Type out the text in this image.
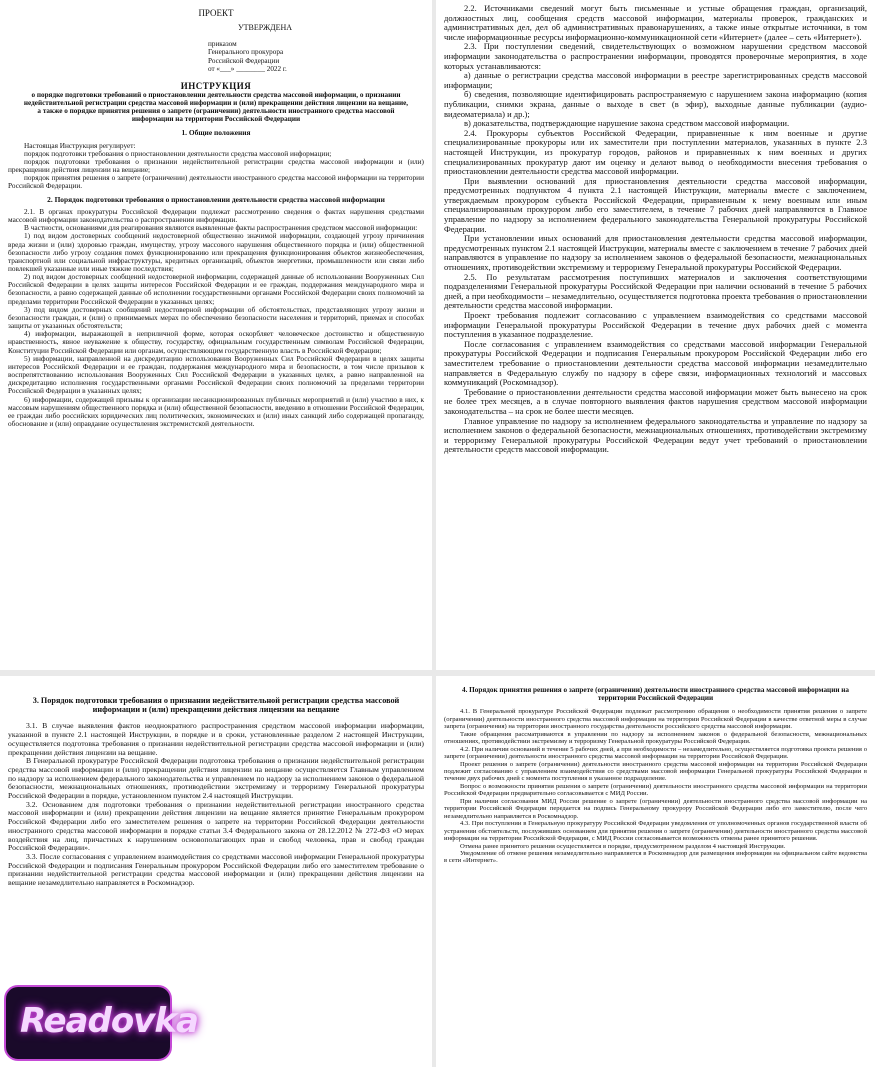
ПРОЕКТ
УТВЕРЖДЕНА
приказом
Генерального прокурора
Российской Федерации
от «___» ________ 2022 г.
ИНСТРУКЦИЯ
о порядке подготовки требований о приостановлении деятельности средства массовой информации, о признании недействительной регистрации средства массовой информации и (или) прекращении действия лицензии на вещание, а также о порядке принятия решения о запрете (ограничении) деятельности иностранного средства массовой информации на территории Российской Федерации
1. Общие положения

Настоящая Инструкция регулирует:

порядок подготовки требования о приостановлении деятельности средства массовой информации;

порядок подготовки требования о признании недействительной регистрации средства массовой информации и (или) прекращении действия лицензии на вещание;

порядок принятия решения о запрете (ограничении) деятельности иностранного средства массовой информации на территории Российской Федерации.

2. Порядок подготовки требования о приостановлении деятельности средства массовой информации

2.1. В органах прокуратуры Российской Федерации подлежат рассмотрению сведения о фактах нарушения средствами массовой информации законодательства о распространении информации.

В частности, основаниями для реагирования являются выявленные факты распространения средством массовой информации:

1) под видом достоверных сообщений недостоверной общественно значимой информации, создающей угрозу причинения вреда жизни и (или) здоровью граждан, имуществу, угрозу массового нарушения общественного порядка и (или) общественной безопасности либо угрозу создания помех функционированию или прекращения функционирования объектов жизнеобеспечения, транспортной или социальной инфраструктуры, кредитных организаций, объектов энергетики, промышленности или связи либо повлекшей указанные или иные тяжкие последствия;

2) под видом достоверных сообщений недостоверной информации, содержащей данные об использовании Вооруженных Сил Российской Федерации в целях защиты интересов Российской Федерации и ее граждан, поддержания международного мира и безопасности, а равно содержащей данные об исполнении государственными органами Российской Федерации своих полномочий за пределами территории Российской Федерации в указанных целях;

3) под видом достоверных сообщений недостоверной информации об обстоятельствах, представляющих угрозу жизни и безопасности граждан, и (или) о принимаемых мерах по обеспечению безопасности населения и территорий, приемах и способах защиты от указанных обстоятельств;

4) информации, выражающей в неприличной форме, которая оскорбляет человеческое достоинство и общественную нравственность, явное неуважение к обществу, государству, официальным государственным символам Российской Федерации, Конституции Российской Федерации или органам, осуществляющим государственную власть в Российской Федерации;

5) информации, направленной на дискредитацию использования Вооруженных Сил Российской Федерации в целях защиты интересов Российской Федерации и ее граждан, поддержания международного мира и безопасности, в том числе призывов к воспрепятствованию использования Вооруженных Сил Российской Федерации в указанных целях, а равно направленной на дискредитацию исполнения государственными органами Российской Федерации своих полномочий за пределами территории Российской Федерации в указанных целях;

6) информации, содержащей призывы к организации несанкционированных публичных мероприятий и (или) участию в них, к массовым нарушениям общественного порядка и (или) общественной безопасности, введению в отношении Российской Федерации, ее граждан либо российских юридических лиц политических, экономических и (или) иных санкций либо содержащей пропаганду, обоснование и (или) оправдание осуществления экстремистской деятельности.

2.2. Источниками сведений могут быть письменные и устные обращения граждан, организаций, должностных лиц, сообщения средств массовой информации, материалы проверок, гражданских и административных дел, дел об административных правонарушениях, а также иные открытые источники, в том числе информационные ресурсы информационно-коммуникационной сети «Интернет» (далее – сеть «Интернет»).

2.3. При поступлении сведений, свидетельствующих о возможном нарушении средством массовой информации законодательства о распространении информации, проводятся проверочные мероприятия, в ходе которых устанавливаются:

а) данные о регистрации средства массовой информации в реестре зарегистрированных средств массовой информации;

б) сведения, позволяющие идентифицировать распространяемую с нарушением закона информацию (копия публикации, снимки экрана, данные о выходе в свет (в эфир), выходные данные публикации (аудио-видеоматериала) и др.);

в) доказательства, подтверждающие нарушение закона средством массовой информации.

2.4. Прокуроры субъектов Российской Федерации, приравненные к ним военные и другие специализированные прокуроры или их заместители при поступлении материалов, указанных в пункте 2.3 настоящей Инструкции, из прокуратур городов, районов и приравненных к ним военных и других специализированных прокуратур дают им оценку и делают вывод о необходимости внесения требования о приостановлении деятельности средства массовой информации.

При выявлении оснований для приостановления деятельности средства массовой информации, предусмотренных подпунктом 4 пункта 2.1 настоящей Инструкции, материалы вместе с заключением, утверждаемым прокурором субъекта Российской Федерации, приравненным к нему военным или иным специализированным прокурором либо его заместителем, в течение 7 рабочих дней направляются в Главное управление по надзору за исполнением федерального законодательства Генеральной прокуратуры Российской Федерации.

При установлении иных оснований для приостановления деятельности средства массовой информации, предусмотренных пунктом 2.1 настоящей Инструкции, материалы вместе с заключением в течение 7 рабочих дней направляются в управление по надзору за исполнением законов о федеральной безопасности, межнациональных отношениях, противодействии экстремизму и терроризму Генеральной прокуратуры Российской Федерации.

2.5. По результатам рассмотрения поступивших материалов и заключения соответствующими подразделениями Генеральной прокуратуры Российской Федерации при наличии оснований в течение 5 рабочих дней, а при необходимости – незамедлительно, осуществляется подготовка проекта требования о приостановлении деятельности средства массовой информации.

Проект требования подлежит согласованию с управлением взаимодействия со средствами массовой информации Генеральной прокуратуры Российской Федерации в течение двух рабочих дней с момента поступления в указанное подразделение.

После согласования с управлением взаимодействия со средствами массовой информации Генеральной прокуратуры Российской Федерации и подписания Генеральным прокурором Российской Федерации либо его заместителем требование о приостановлении деятельности средства массовой информации незамедлительно направляется в Федеральную службу по надзору в сфере связи, информационных технологий и массовых коммуникаций (Роскомнадзор).

Требование о приостановлении деятельности средства массовой информации может быть вынесено на срок не более трех месяцев, а в случае повторного выявления фактов нарушения средством массовой информации законодательства – на срок не более шести месяцев.

Главное управление по надзору за исполнением федерального законодательства и управление по надзору за исполнением законов о федеральной безопасности, межнациональных отношениях, противодействии экстремизму и терроризму Генеральной прокуратуры Российской Федерации ведут учет требований о приостановлении деятельности средств массовой информации.

3. Порядок подготовки требования о признании недействительной регистрации средства массовой информации и (или) прекращении действия лицензии на вещание

3.1. В случае выявления фактов неоднократного распространения средством массовой информации информации, указанной в пункте 2.1 настоящей Инструкции, в порядке и в сроки, установленные разделом 2 настоящей Инструкции, осуществляется подготовка требования о признании недействительной регистрации средства массовой информации и (или) прекращении действия лицензии на вещание.

В Генеральной прокуратуре Российской Федерации подготовка требования о признании недействительной регистрации средства массовой информации и (или) прекращении действия лицензии на вещание осуществляется Главным управлением по надзору за исполнением федерального законодательства и управлением по надзору за исполнением законов о федеральной безопасности, межнациональных отношениях, противодействии экстремизму и терроризму Генеральной прокуратуры Российской Федерации в порядке, установленном пунктом 2.4 настоящей Инструкции.

3.2. Основанием для подготовки требования о признании недействительной регистрации иностранного средства массовой информации и (или) прекращении действия лицензии на вещание является принятие Генеральным прокурором Российской Федерации либо его заместителем решения о запрете на территории Российской Федерации деятельности иностранного средства массовой информации в порядке статьи 3.4 Федерального закона от 28.12.2012 № 272-ФЗ «О мерах воздействия на лиц, причастных к нарушениям основополагающих прав и свобод человека, прав и свобод граждан Российской Федерации».

3.3. После согласования с управлением взаимодействия со средствами массовой информации Генеральной прокуратуры Российской Федерации и подписания Генеральным прокурором Российской Федерации либо его заместителем требование о признании недействительной регистрации средства массовой информации и (или) прекращении действия лицензии на вещание незамедлительно направляется в Роскомнадзор.

4. Порядок принятия решения о запрете (ограничении) деятельности иностранного средства массовой информации на территории Российской Федерации

4.1. В Генеральной прокуратуре Российской Федерации подлежат рассмотрению обращения о необходимости принятия решения о запрете (ограничении) деятельности иностранного средства массовой информации на территории Российской Федерации в качестве ответной меры в случае запрета (ограничения) на территории иностранного государства деятельности российского средства массовой информации.

Такие обращения рассматриваются в управлении по надзору за исполнением законов о федеральной безопасности, межнациональных отношениях, противодействии экстремизму и терроризму Генеральной прокуратуры Российской Федерации.

4.2. При наличии оснований в течение 5 рабочих дней, а при необходимости – незамедлительно, осуществляется подготовка проекта решения о запрете (ограничении) деятельности иностранного средства массовой информации на территории Российской Федерации.

Проект решения о запрете (ограничении) деятельности иностранного средства массовой информации на территории Российской Федерации подлежит согласованию с управлением взаимодействия со средствами массовой информации Генеральной прокуратуры Российской Федерации в течение двух рабочих дней с момента поступления в указанное подразделение.

Вопрос о возможности принятия решения о запрете (ограничении) деятельности иностранного средства массовой информации на территории Российской Федерации предварительно согласовывается с МИД России.

При наличии согласования МИД России решение о запрете (ограничении) деятельности иностранного средства массовой информации на территории Российской Федерации передается на подпись Генеральному прокурору Российской Федерации либо его заместителю, после чего незамедлительно направляется в Роскомнадзор.

4.3. При поступлении в Генеральную прокуратуру Российской Федерации уведомления от уполномоченных органов государственной власти об устранении обстоятельств, послуживших основанием для принятия решения о запрете (ограничении) деятельности иностранного средства массовой информации на территории Российской Федерации, с МИД России согласовывается возможность отмены ранее принятого решения.

Отмена ранее принятого решения осуществляется в порядке, предусмотренном разделом 4 настоящей Инструкции.

Уведомление об отмене решения незамедлительно направляется в Роскомнадзор для размещения информации на официальном сайте ведомства в сети «Интернет».

Readovka
